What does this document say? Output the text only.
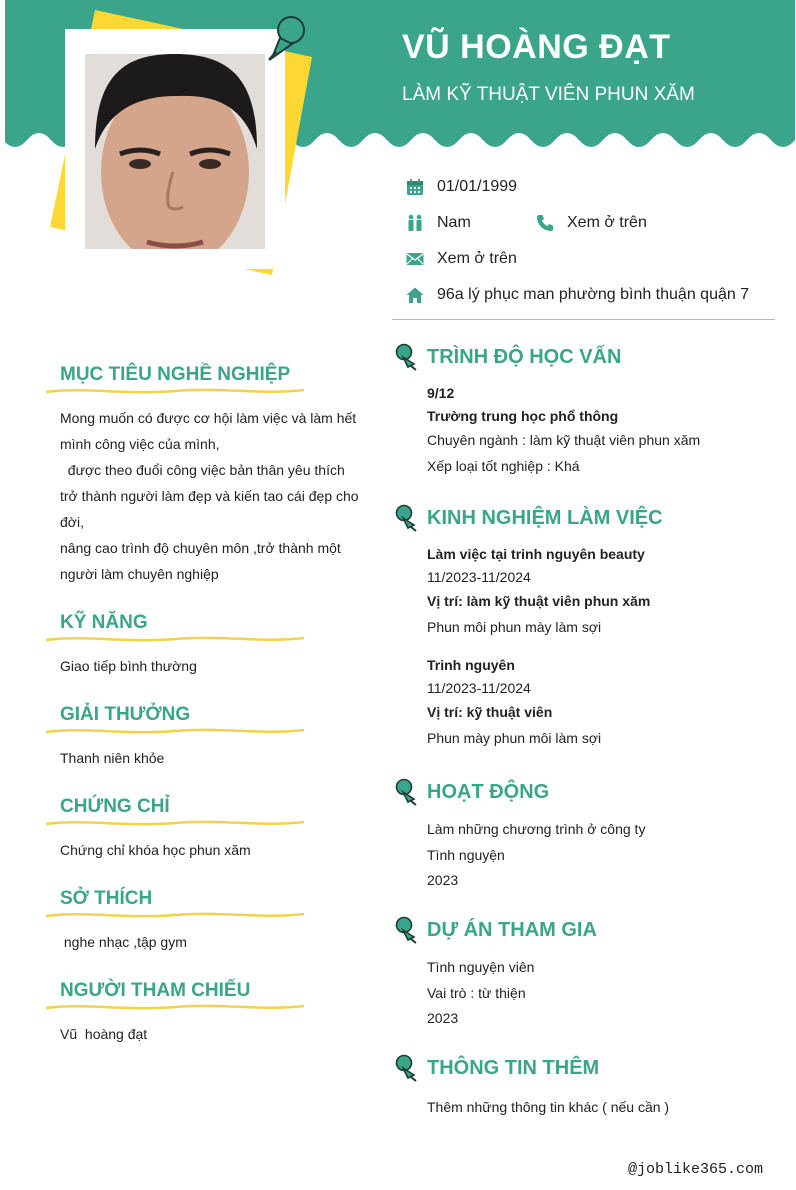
VŨ HOÀNG ĐẠT
LÀM KỸ THUẬT VIÊN PHUN XĂM
01/01/1999
Nam	Xem ở trên
Xem ở trên
96a lý phục man phường bình thuận quận 7
MỤC TIÊU NGHỀ NGHIỆP
Mong muốn có được cơ hội làm việc và làm hết
mình công việc của mình,
được theo đuổi công việc bản thân yêu thích
trở thành người làm đẹp và kiến tao cái đẹp cho
đời,
nâng cao trình độ chuyên môn ,trở thành một
người làm chuyên nghiệp
KỸ NĂNG
Giao tiếp bình thường
GIẢI THƯỞNG
Thanh niên khỏe
CHỨNG CHỈ
Chứng chỉ khóa học phun xăm
SỞ THÍCH
nghe nhạc ,tập gym
NGƯỜI THAM CHIẾU
Vũ  hoàng đạt
TRÌNH ĐỘ HỌC VẤN
9/12
Trường trung học phổ thông
Chuyên ngành : làm kỹ thuật viên phun xăm
Xếp loại tốt nghiệp : Khá
KINH NGHIỆM LÀM VIỆC
Làm việc tại trinh nguyên beauty
11/2023-11/2024
Vị trí: làm kỹ thuật viên phun xăm
Phun môi phun mày làm sợi
Trinh nguyên
11/2023-11/2024
Vị trí: kỹ thuật viên
Phun mày phun môi làm sợi
HOẠT ĐỘNG
Làm những chương trình ở công ty
Tình nguyện
2023
DỰ ÁN THAM GIA
Tình nguyện viên
Vai trò : từ thiện
2023
THÔNG TIN THÊM
Thêm những thông tin khác ( nếu cần )
@joblike365.com
